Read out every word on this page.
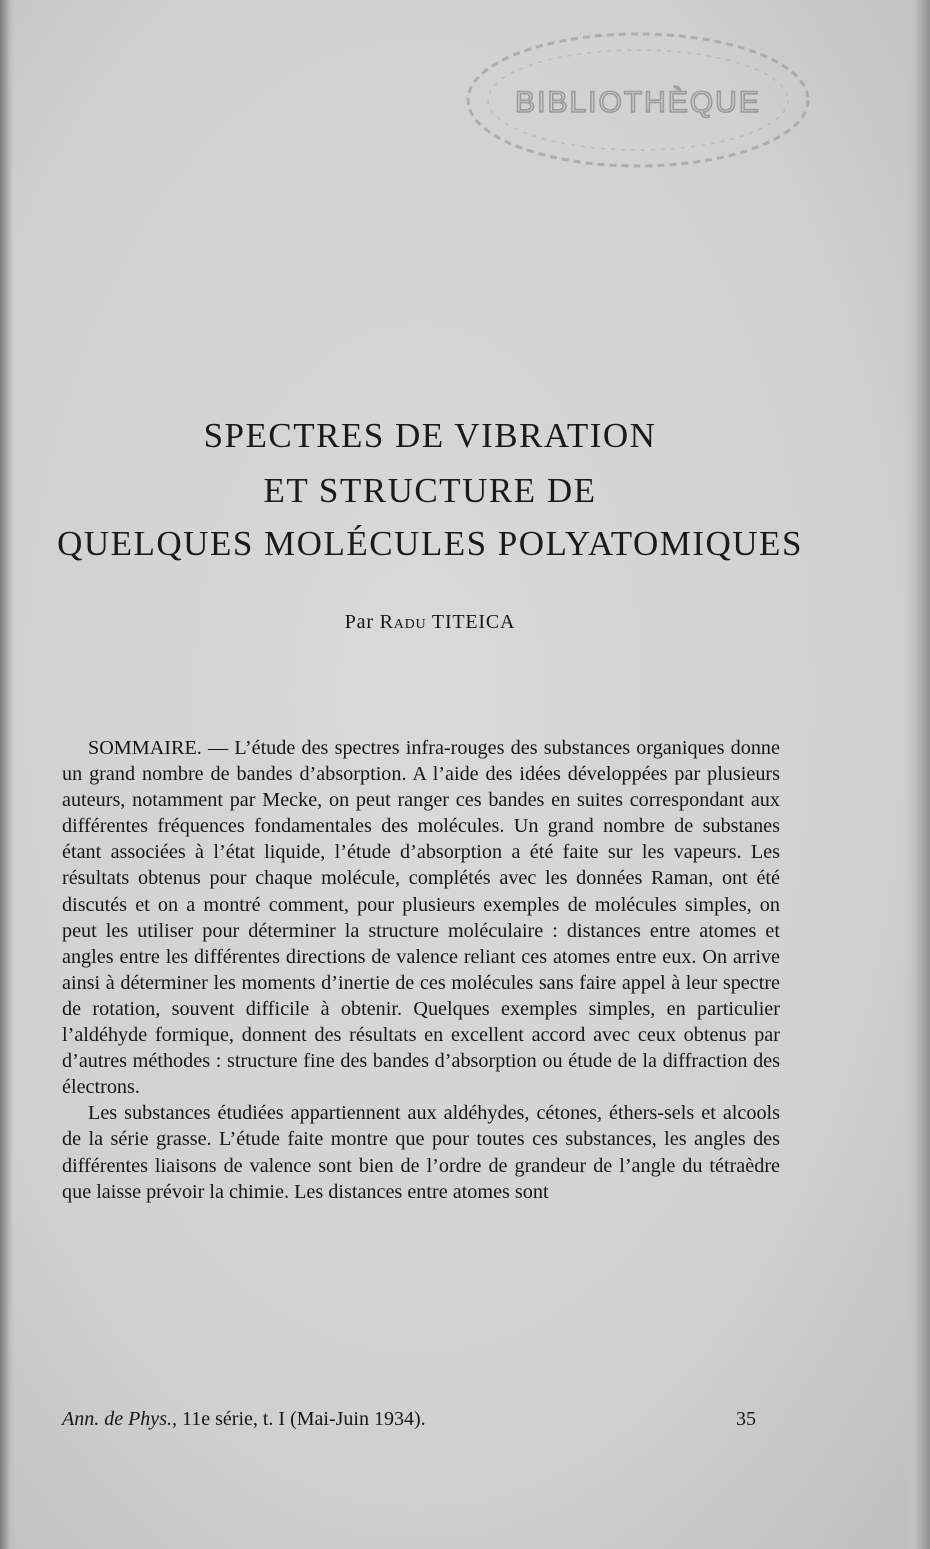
BIBLIOTHÈQUE
SPECTRES DE VIBRATION
ET STRUCTURE DE
QUELQUES MOLÉCULES POLYATOMIQUES
Par Radu TITEICA

SOMMAIRE. — L’étude des spectres infra-rouges des substances organiques donne un grand nombre de bandes d’absorption. A l’aide des idées développées par plusieurs auteurs, notamment par Mecke, on peut ranger ces bandes en suites correspondant aux différentes fréquences fondamentales des molécules. Un grand nombre de substanes étant associées à l’état liquide, l’étude d’absorption a été faite sur les vapeurs. Les résultats obtenus pour chaque molécule, complétés avec les données Raman, ont été discutés et on a montré comment, pour plusieurs exemples de molécules simples, on peut les utiliser pour déterminer la structure moléculaire : distances entre atomes et angles entre les différentes directions de valence reliant ces atomes entre eux. On arrive ainsi à déterminer les moments d’inertie de ces molécules sans faire appel à leur spectre de rotation, souvent difficile à obtenir. Quelques exemples simples, en particulier l’aldéhyde formique, donnent des résultats en excellent accord avec ceux obtenus par d’autres méthodes : structure fine des bandes d’absorption ou étude de la diffraction des électrons.

Les substances étudiées appartiennent aux aldéhydes, cétones, éthers-sels et alcools de la série grasse. L’étude faite montre que pour toutes ces substances, les angles des différentes liaisons de valence sont bien de l’ordre de grandeur de l’angle du tétraèdre que laisse prévoir la chimie. Les distances entre atomes sont

Ann. de Phys., 11e série, t. I (Mai-Juin 1934).	35
